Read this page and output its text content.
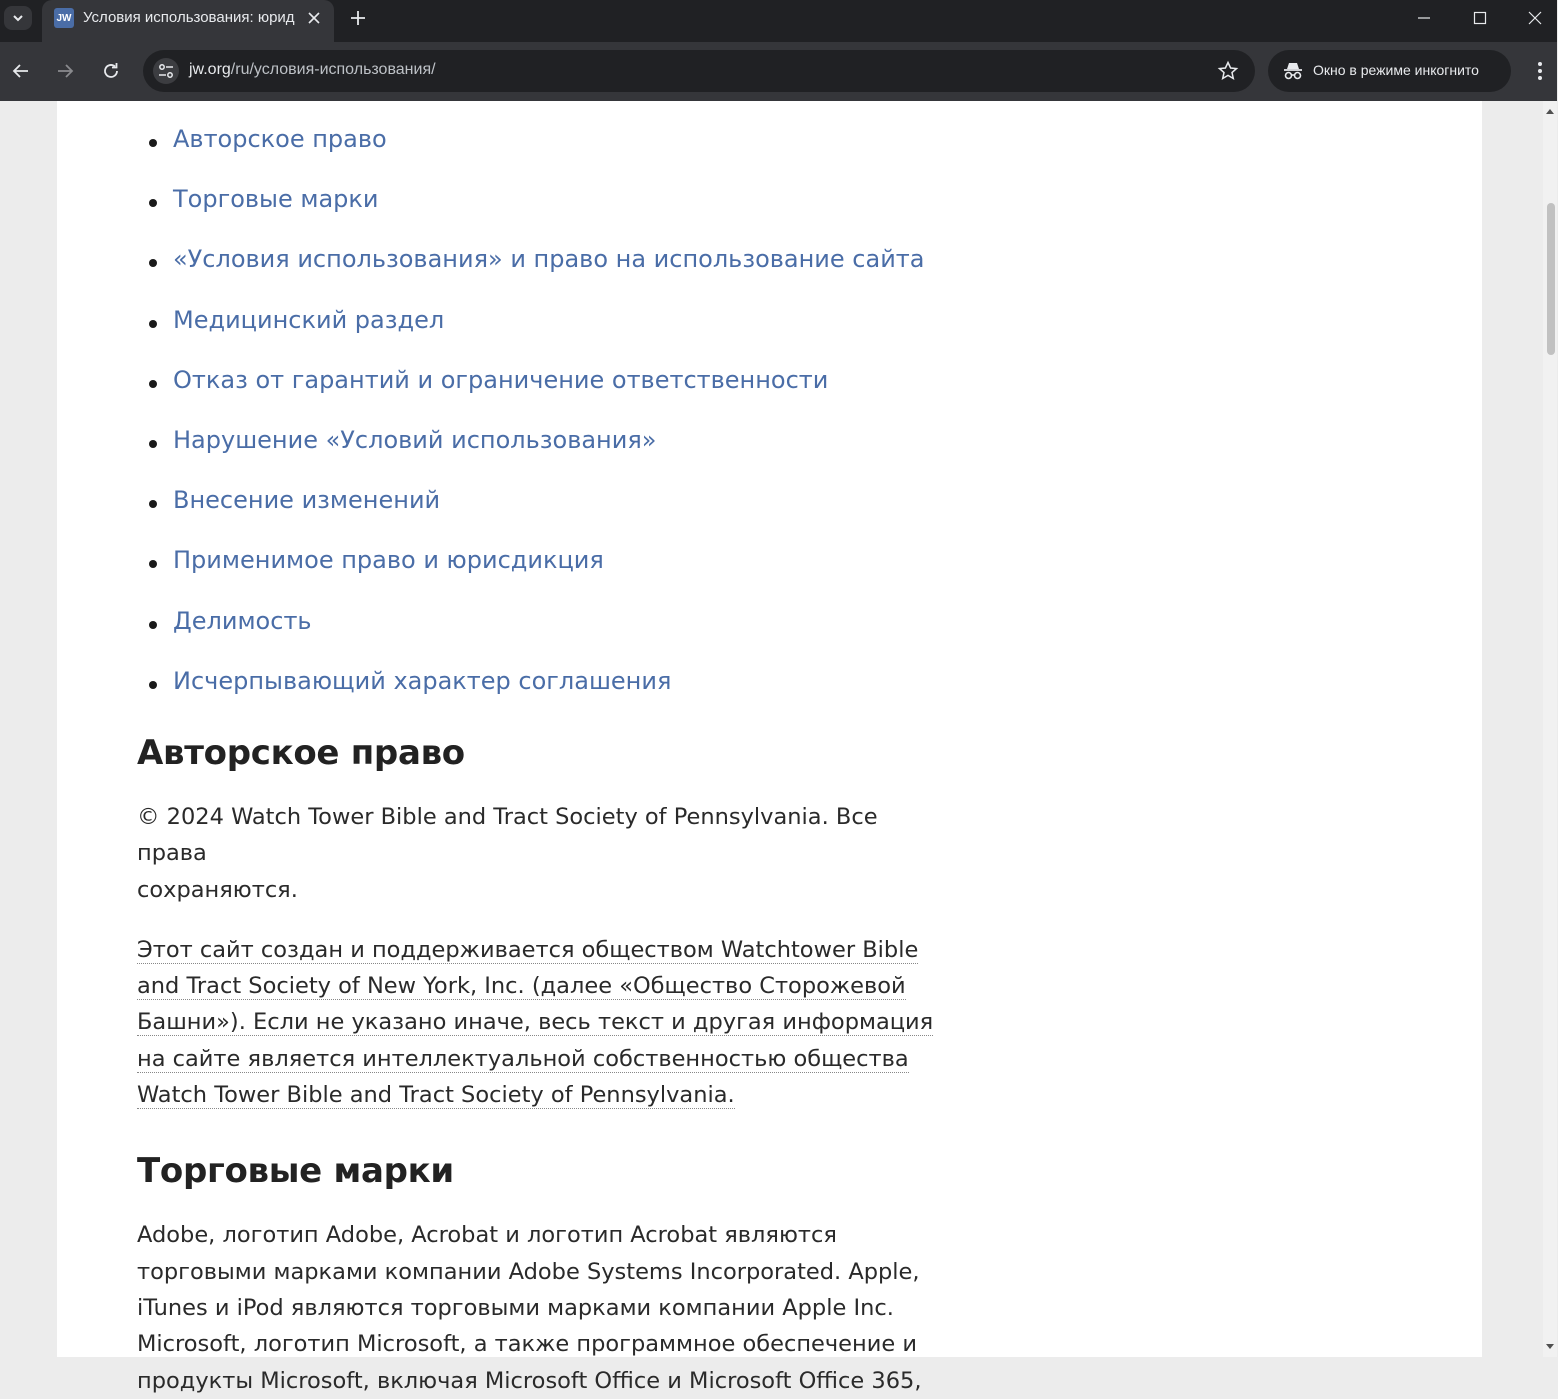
JW Условия использования: юрид
jw.org/ru/условия-использования/	Окно в режиме инкогнито
Авторское право
Торговые марки
«Условия использования» и право на использование сайта
Медицинский раздел
Отказ от гарантий и ограничение ответственности
Нарушение «Условий использования»
Внесение изменений
Применимое право и юрисдикция
Делимость
Исчерпывающий характер соглашения
Авторское право

© 2024 Watch Tower Bible and Tract Society of Pennsylvania. Все права
сохраняются.

Этот сайт создан и поддерживается обществом Watchtower Bible
and Tract Society of New York, Inc. (далее «Общество Сторожевой
Башни»). Если не указано иначе, весь текст и другая информация
на сайте является интеллектуальной собственностью общества
Watch Tower Bible and Tract Society of Pennsylvania.

Торговые марки

Adobe, логотип Adobe, Acrobat и логотип Acrobat являются
торговыми марками компании Adobe Systems Incorporated. Apple,
iTunes и iPod являются торговыми марками компании Apple Inc.
Microsoft, логотип Microsoft, а также программное обеспечение и
продукты Microsoft, включая Microsoft Office и Microsoft Office 365,
